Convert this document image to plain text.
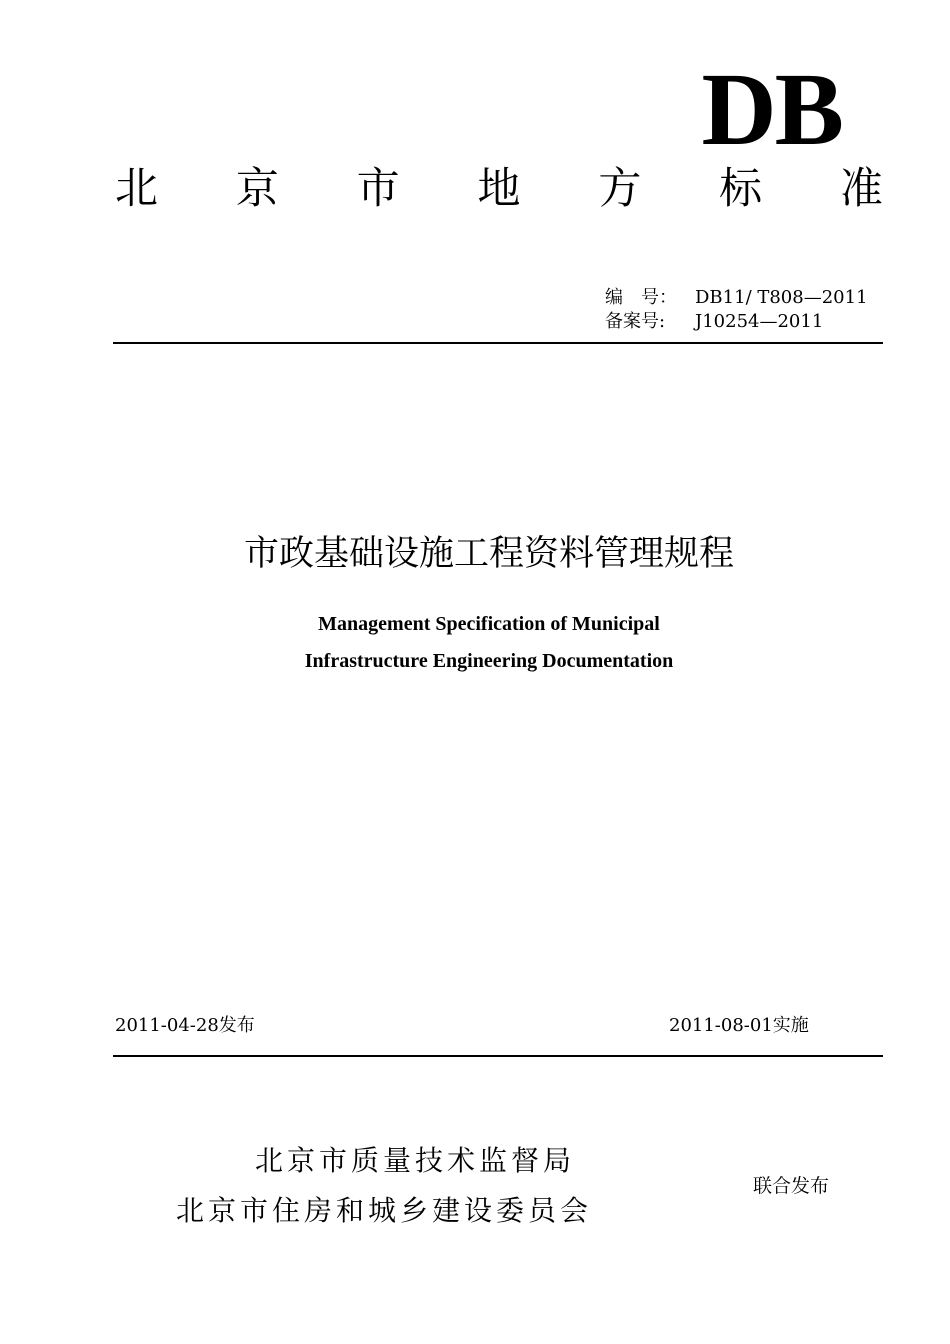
DB
北 京 市 地 方 标 准
编　号：	DB11/ T808—2011
备案号:	J10254—2011
市政基础设施工程资料管理规程
Management Specification of Municipal
Infrastructure Engineering Documentation
2011-04-28发布	2011-08-01实施
北京市质量技术监督局
北京市住房和城乡建设委员会
联合发布
